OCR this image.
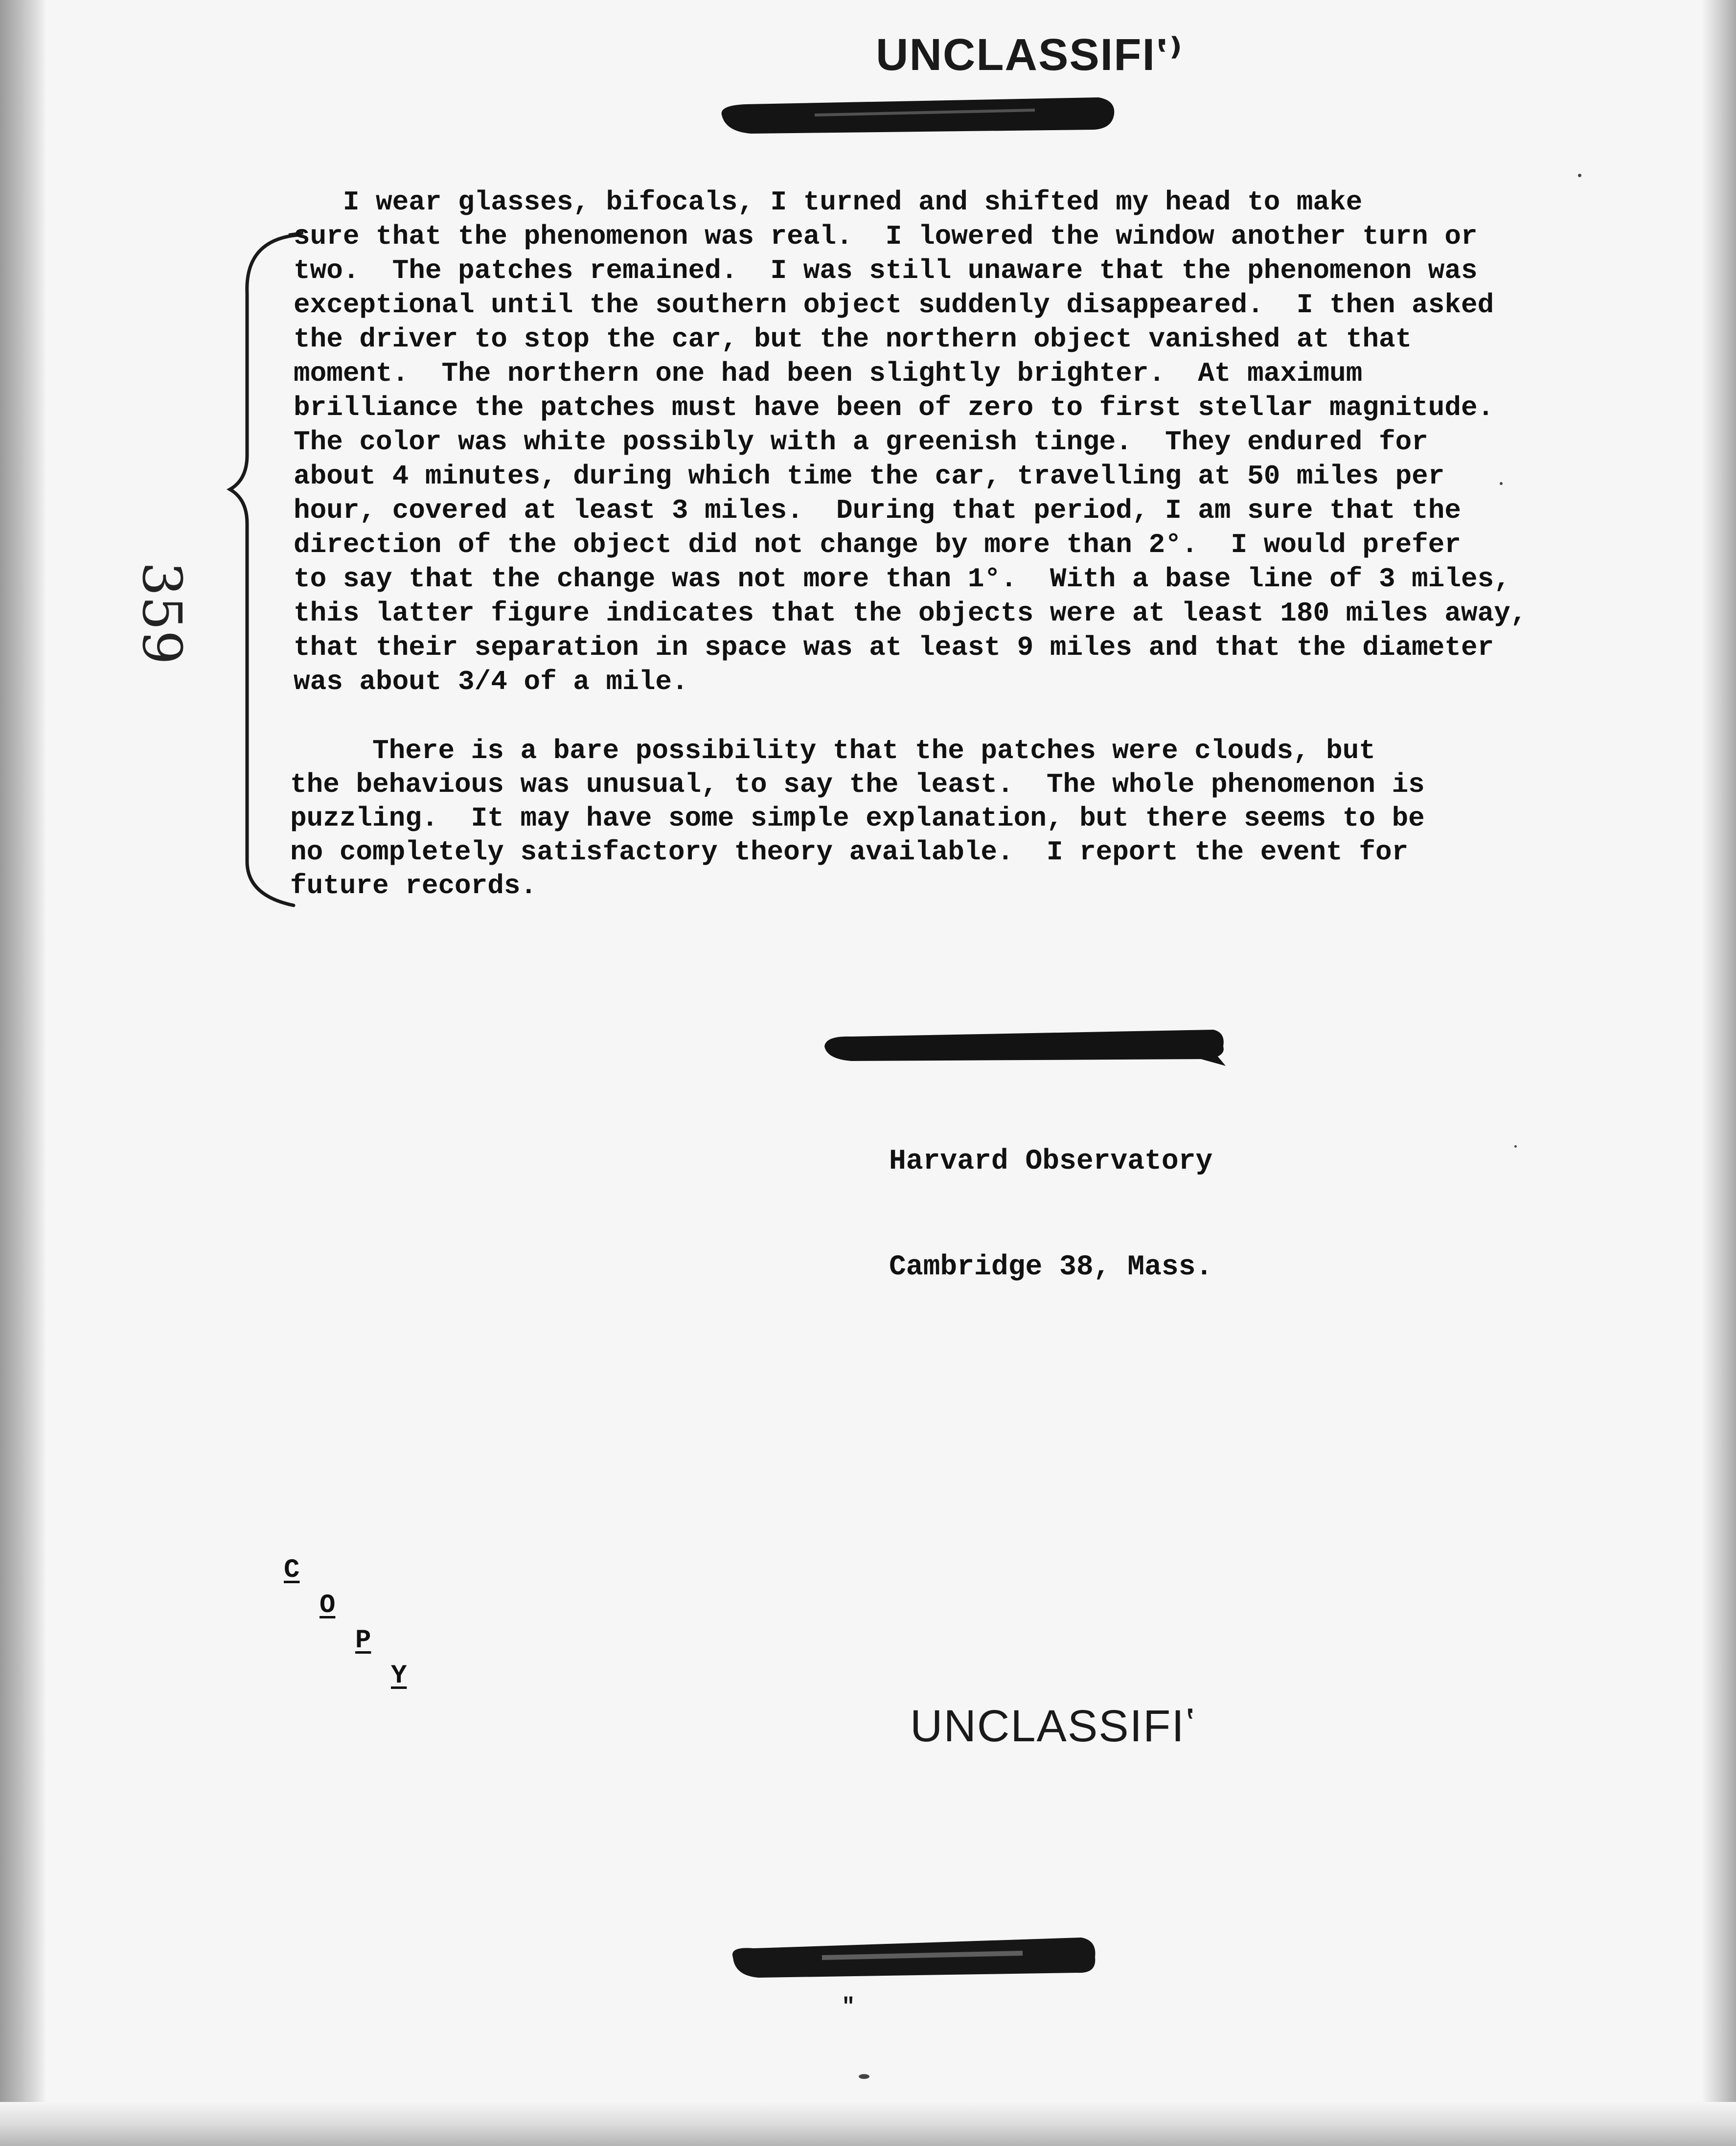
UNCLASSIFIʽ⁾
359
I wear glasses, bifocals, I turned and shifted my head to make
sure that the phenomenon was real.  I lowered the window another turn or
two.  The patches remained.  I was still unaware that the phenomenon was
exceptional until the southern object suddenly disappeared.  I then asked
the driver to stop the car, but the northern object vanished at that
moment.  The northern one had been slightly brighter.  At maximum
brilliance the patches must have been of zero to first stellar magnitude.
The color was white possibly with a greenish tinge.  They endured for
about 4 minutes, during which time the car, travelling at 50 miles per
hour, covered at least 3 miles.  During that period, I am sure that the
direction of the object did not change by more than 2°.  I would prefer
to say that the change was not more than 1°.  With a base line of 3 miles,
this latter figure indicates that the objects were at least 180 miles away,
that their separation in space was at least 9 miles and that the diameter
was about 3/4 of a mile.
There is a bare possibility that the patches were clouds, but
the behavious was unusual, to say the least.  The whole phenomenon is
puzzling.  It may have some simple explanation, but there seems to be
no completely satisfactory theory available.  I report the event for
future records.

Harvard Observatory

Cambridge 38, Mass.

C
O
P
Y
UNCLASSIFIʽ
"
